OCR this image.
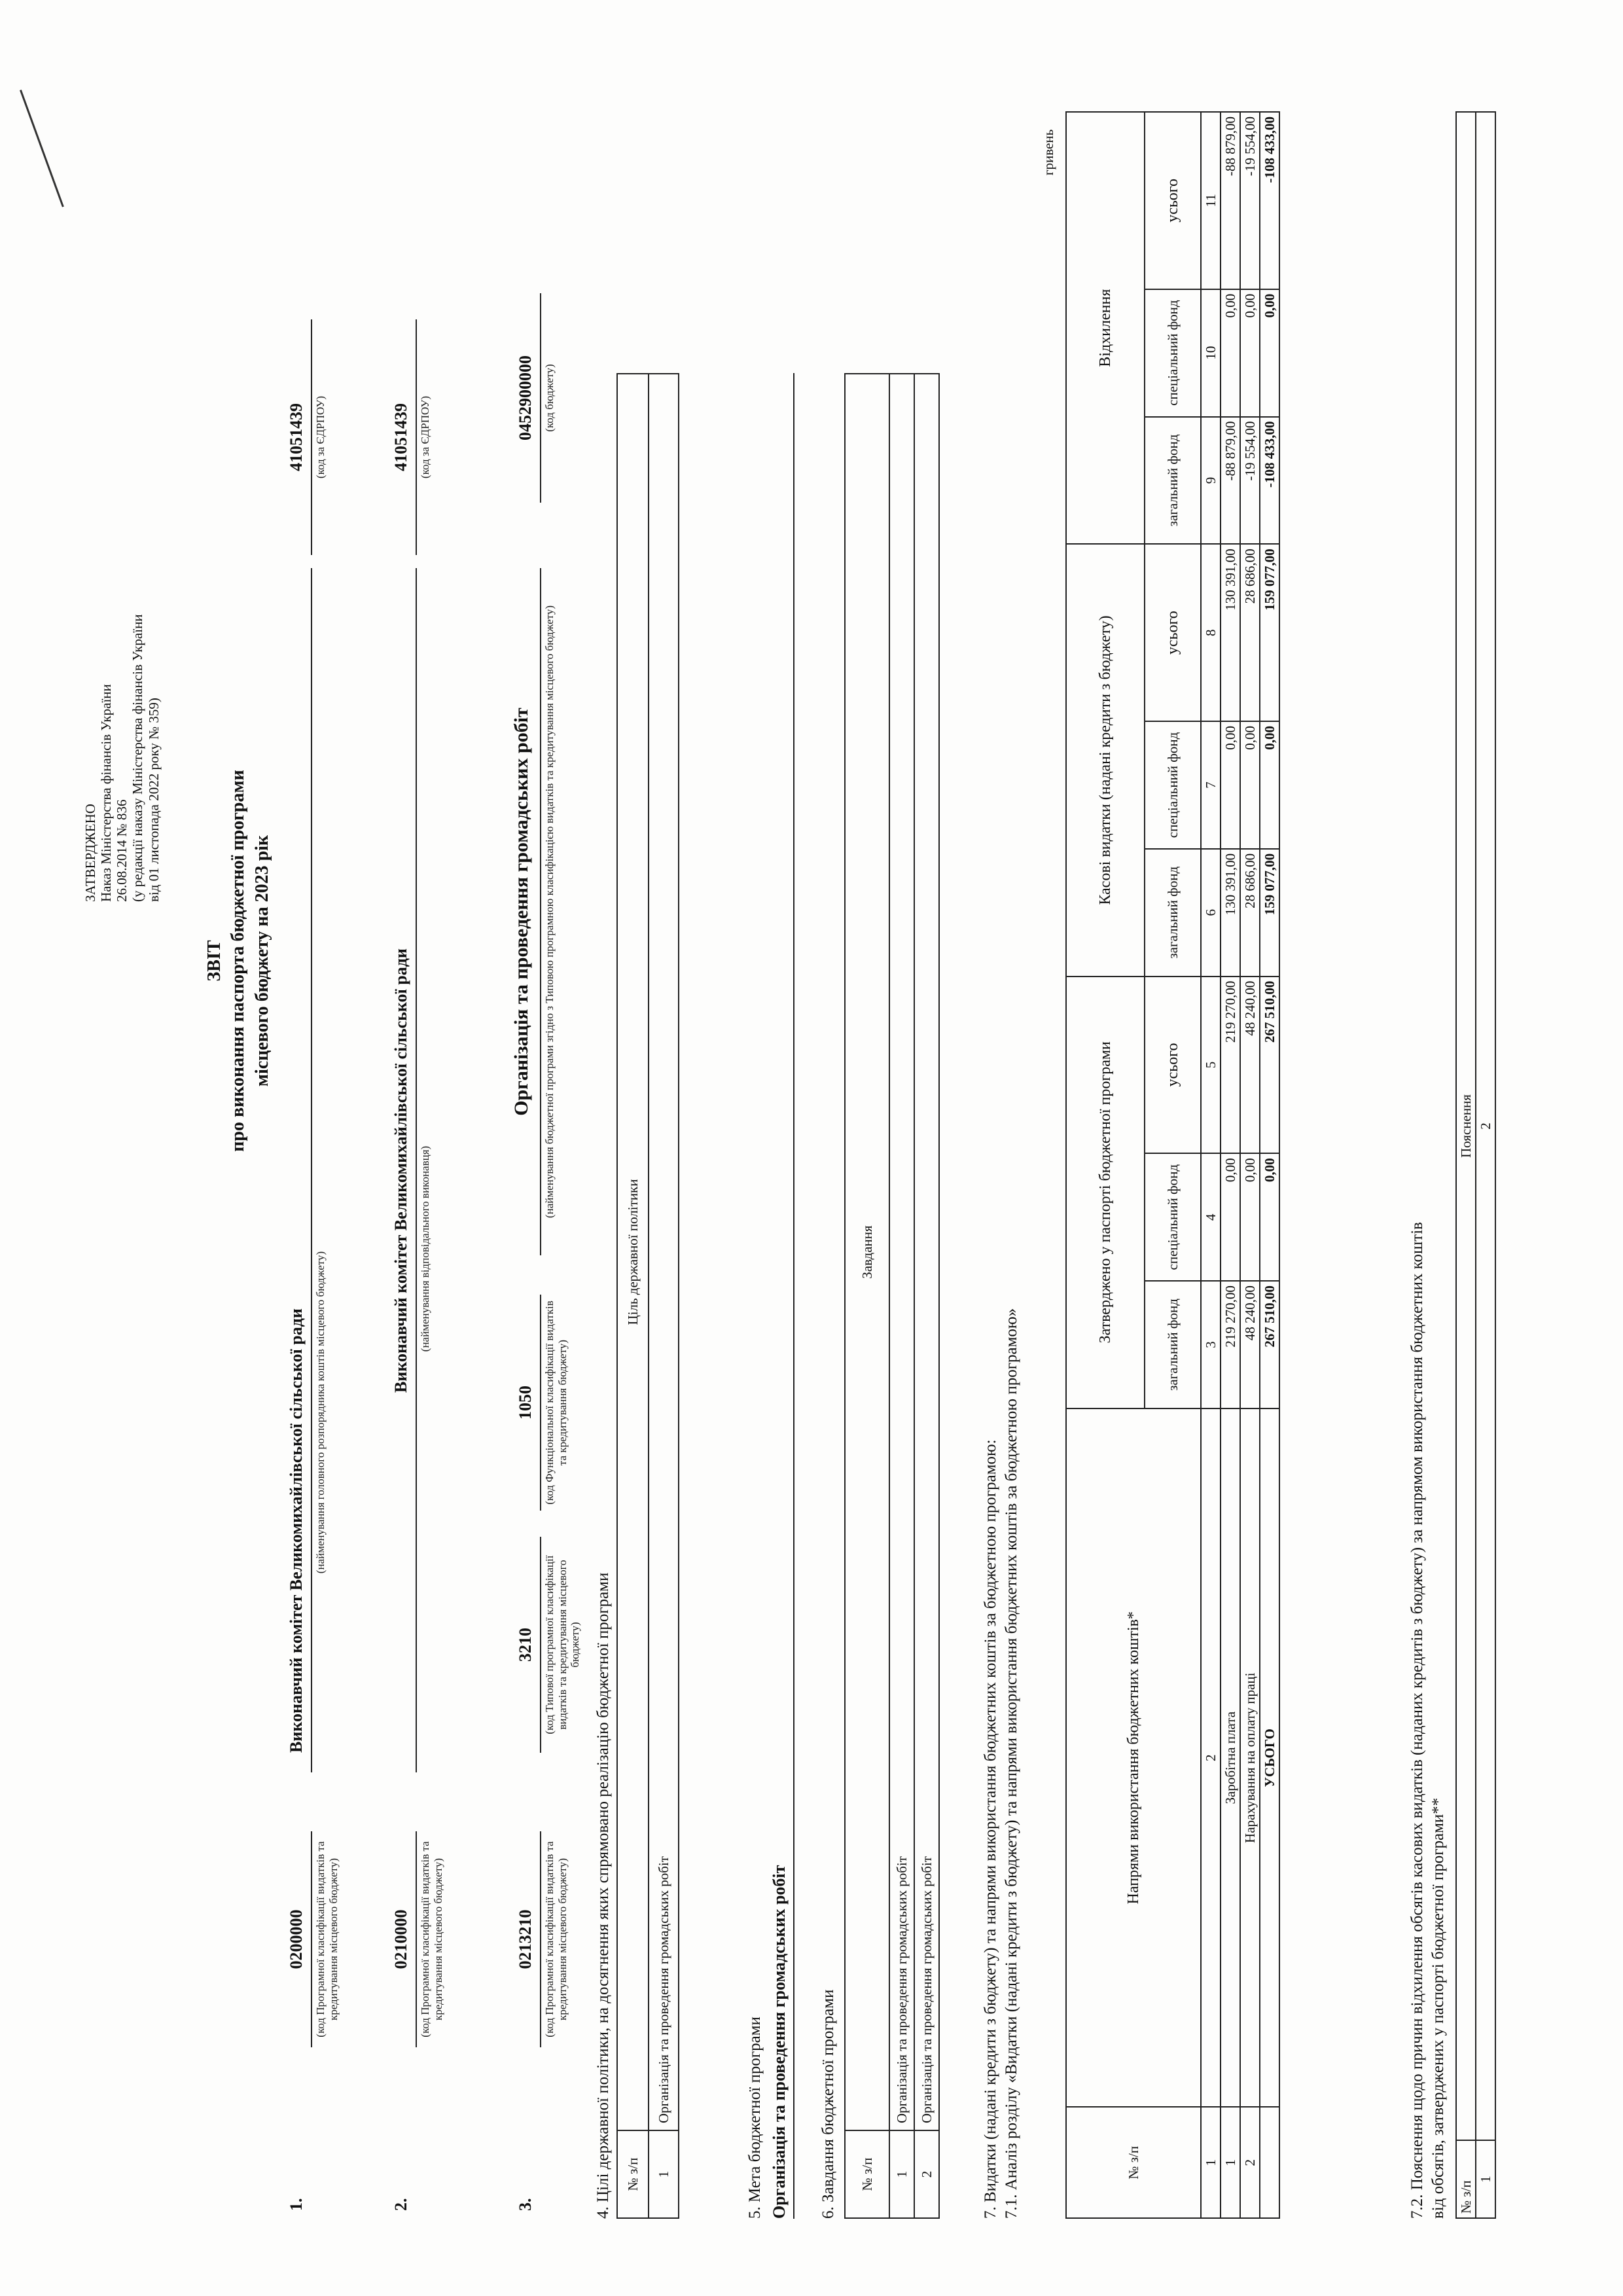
ЗАТВЕРДЖЕНО Наказ Міністерства фінансів України 26.08.2014 № 836 (у редакції наказу Міністерства фінансів України від 01 листопада 2022 року № 359)
ЗВІТ про виконання паспорта бюджетної програми місцевого бюджету на 2023 рік
1.
0200000 (код Програмної класифікації видатків та кредитування місцевого бюджету)
Виконавчий комітет Великомихайлівської сільської ради (найменування головного розпорядника коштів місцевого бюджету)
41051439 (код за ЄДРПОУ)
2.
0210000 (код Програмної класифікації видатків та кредитування місцевого бюджету)
Виконавчий комітет Великомихайлівської сільської ради (найменування відповідального виконавця)
41051439 (код за ЄДРПОУ)
3.
0213210 (код Програмної класифікації видатків та кредитування місцевого бюджету)
3210 (код Типової програмної класифікації видатків та кредитування місцевого бюджету)
1050 (код Функціональної класифікації видатків та кредитування бюджету)
Організація та проведення громадських робіт (найменування бюджетної програми згідно з Типовою програмною класифікацією видатків та кредитування місцевого бюджету)
0452900000 (код бюджету)
4. Цілі державної політики, на досягнення яких спрямовано реалізацію бюджетної програми № з/п	Ціль державної політики
1	Організація та проведення громадських робіт	5. Мета бюджетної програми Організація та проведення громадських робіт 6. Завдання бюджетної програми № з/п	Завдання
1	Організація та проведення громадських робіт
2	Організація та проведення громадських робіт	7. Видатки (надані кредити з бюджету) та напрями використання бюджетних коштів за бюджетною програмою: 7.1. Аналіз розділу «Видатки (надані кредити з бюджету) та напрями використання бюджетних коштів за бюджетною програмою»
гривень
№ з/п	Напрями використання бюджетних коштів*	Затверджено у паспорті бюджетної програми			Касові видатки (надані кредити з бюджету)			Відхилення		
		загальний фонд	спеціальний фонд	усього	загальний фонд	спеціальний фонд	усього	загальний фонд	спеціальний фонд	усього
1	2	3	4	5	6	7	8	9	10	11
1	Заробітна плата	219 270,00	0,00	219 270,00	130 391,00	0,00	130 391,00	-88 879,00	0,00	-88 879,00
2	Нарахування на оплату праці	48 240,00	0,00	48 240,00	28 686,00	0,00	28 686,00	-19 554,00	0,00	-19 554,00
	УСЬОГО	267 510,00	0,00	267 510,00	159 077,00	0,00	159 077,00	-108 433,00	0,00	-108 433,00
7.2. Пояснення щодо причин відхилення обсягів касових видатків (наданих кредитів з бюджету) за напрямом використання бюджетних коштів від обсягів, затверджених у паспорті бюджетної програми** № з/п	Пояснення
1	2
